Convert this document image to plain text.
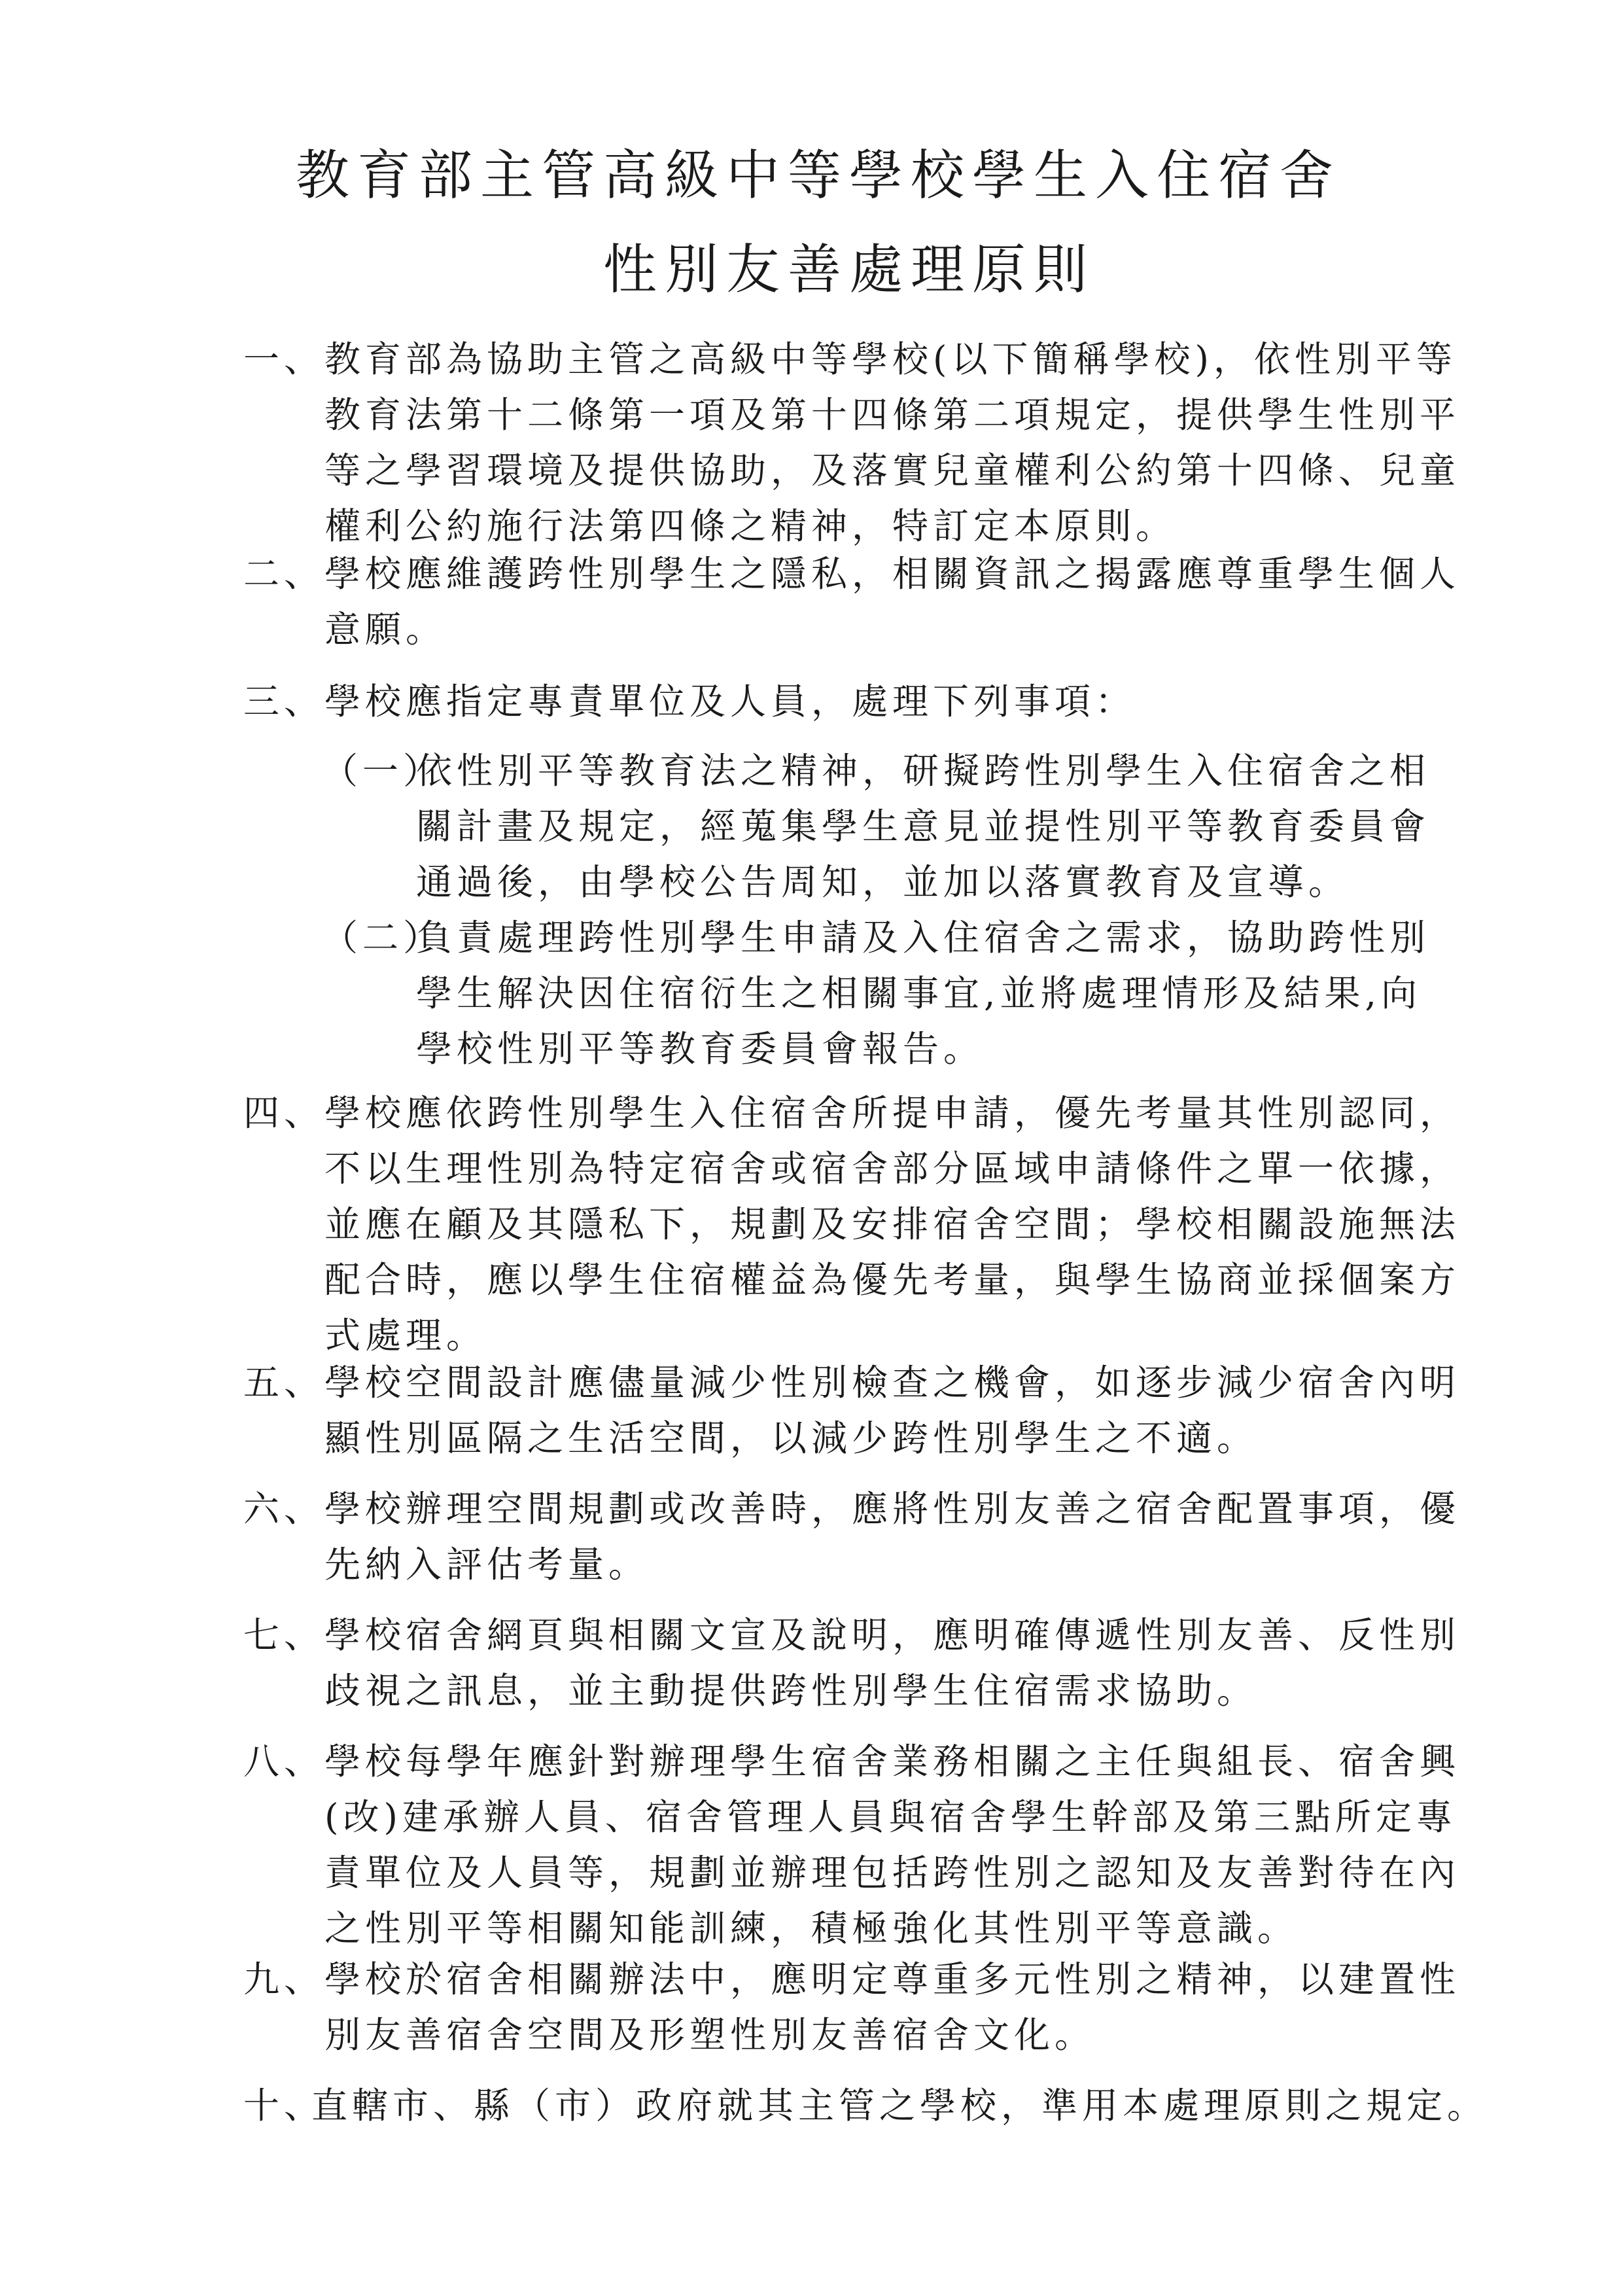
教育部主管高級中等學校學生入住宿舍
性別友善處理原則
一、 教育部為協助主管之高級中等學校(以下簡稱學校)，依性別平等
教育法第十二條第一項及第十四條第二項規定，提供學生性別平
等之學習環境及提供協助，及落實兒童權利公約第十四條、兒童
權利公約施行法第四條之精神，特訂定本原則。
二、 學校應維護跨性別學生之隱私，相關資訊之揭露應尊重學生個人
意願。
三、 學校應指定專責單位及人員，處理下列事項：
（一）
依性別平等教育法之精神，研擬跨性別學生入住宿舍之相
關計畫及規定，經蒐集學生意見並提性別平等教育委員會
通過後，由學校公告周知，並加以落實教育及宣導。
（二）
負責處理跨性別學生申請及入住宿舍之需求，協助跨性別
學生解決因住宿衍生之相關事宜,並將處理情形及結果,向
學校性別平等教育委員會報告。
四、 學校應依跨性別學生入住宿舍所提申請，優先考量其性別認同，
不以生理性別為特定宿舍或宿舍部分區域申請條件之單一依據，
並應在顧及其隱私下，規劃及安排宿舍空間；學校相關設施無法
配合時，應以學生住宿權益為優先考量，與學生協商並採個案方
式處理。
五、 學校空間設計應儘量減少性別檢查之機會，如逐步減少宿舍內明
顯性別區隔之生活空間，以減少跨性別學生之不適。
六、 學校辦理空間規劃或改善時，應將性別友善之宿舍配置事項，優
先納入評估考量。
七、 學校宿舍網頁與相關文宣及說明，應明確傳遞性別友善、反性別
歧視之訊息，並主動提供跨性別學生住宿需求協助。
八、 學校每學年應針對辦理學生宿舍業務相關之主任與組長、宿舍興
(改)建承辦人員、宿舍管理人員與宿舍學生幹部及第三點所定專
責單位及人員等，規劃並辦理包括跨性別之認知及友善對待在內
之性別平等相關知能訓練，積極強化其性別平等意識。
九、 學校於宿舍相關辦法中，應明定尊重多元性別之精神，以建置性
別友善宿舍空間及形塑性別友善宿舍文化。
十、
直轄市、縣（市）政府就其主管之學校，準用本處理原則之規定。
